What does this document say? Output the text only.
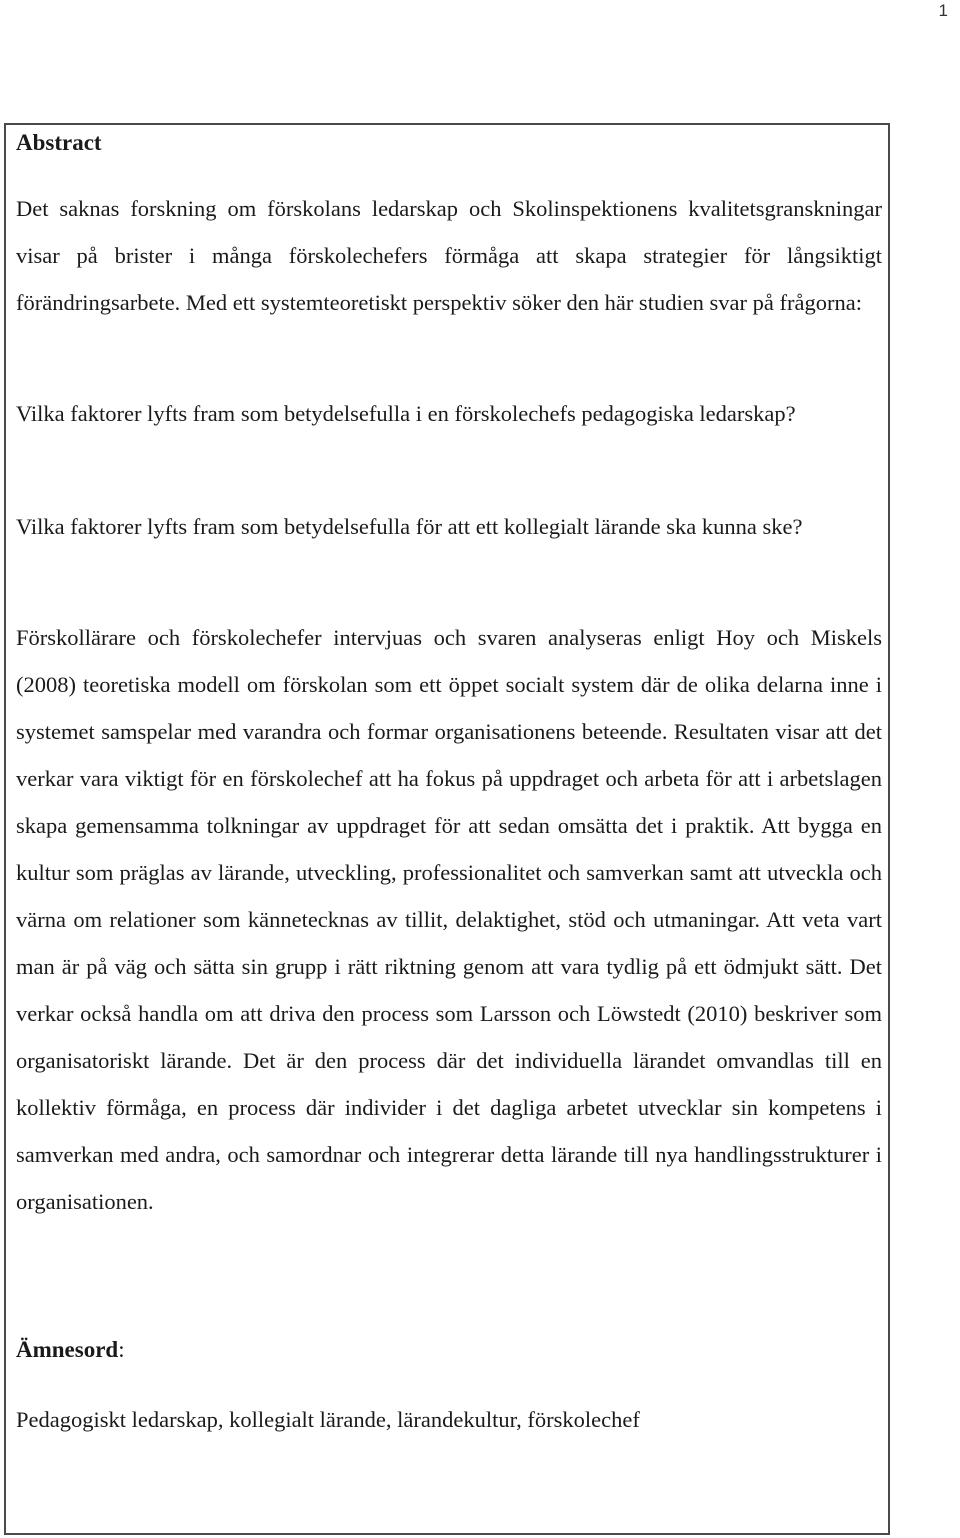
1
Abstract

Det saknas forskning om förskolans ledarskap och Skolinspektionens kvalitetsgranskningar visar på brister i många förskolechefers förmåga att skapa strategier för långsiktigt förändringsarbete. Med ett systemteoretiskt perspektiv söker den här studien svar på frågorna:

Vilka faktorer lyfts fram som betydelsefulla i en förskolechefs pedagogiska ledarskap?

Vilka faktorer lyfts fram som betydelsefulla för att ett kollegialt lärande ska kunna ske?

Förskollärare och förskolechefer intervjuas och svaren analyseras enligt Hoy och Miskels (2008) teoretiska modell om förskolan som ett öppet socialt system där de olika delarna inne i systemet samspelar med varandra och formar organisationens beteende. Resultaten visar att det verkar vara viktigt för en förskolechef att ha fokus på uppdraget och arbeta för att i arbetslagen skapa gemensamma tolkningar av uppdraget för att sedan omsätta det i praktik. Att bygga en kultur som präglas av lärande, utveckling, professionalitet och samverkan samt att utveckla och värna om relationer som kännetecknas av tillit, delaktighet, stöd och utmaningar. Att veta vart man är på väg och sätta sin grupp i rätt riktning genom att vara tydlig på ett ödmjukt sätt. Det verkar också handla om att driva den process som Larsson och Löwstedt (2010) beskriver som organisatoriskt lärande. Det är den process där det individuella lärandet omvandlas till en kollektiv förmåga, en process där individer i det dagliga arbetet utvecklar sin kompetens i samverkan med andra, och samordnar och integrerar detta lärande till nya handlingsstrukturer i organisationen.

Ämnesord:

Pedagogiskt ledarskap, kollegialt lärande, lärandekultur, förskolechef
